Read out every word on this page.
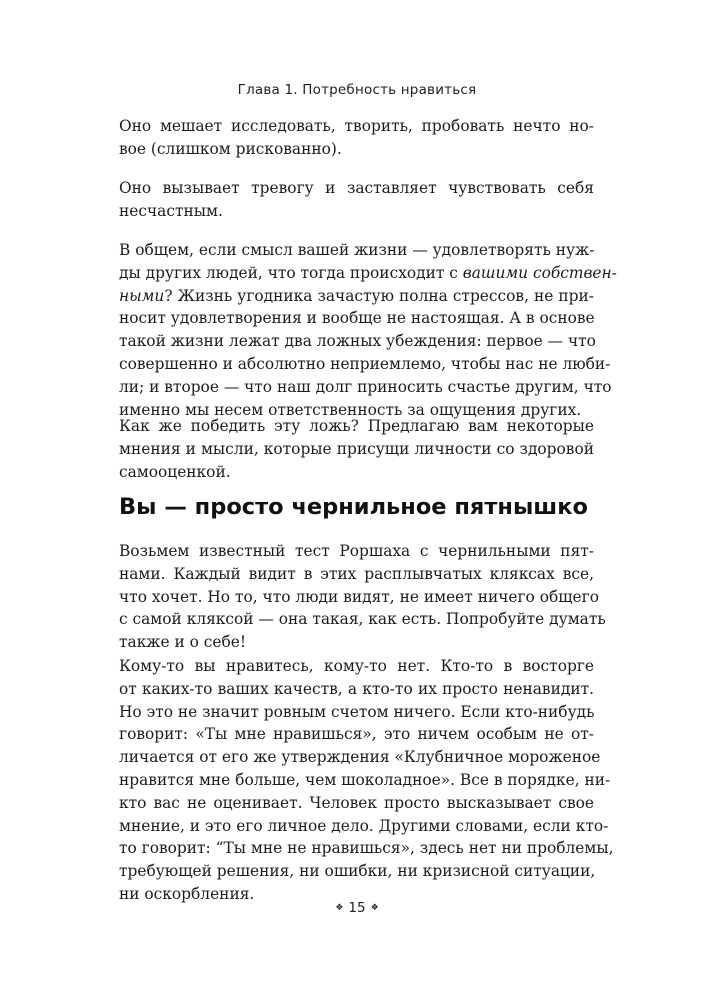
Глава 1. Потребность нравиться
Оно мешает исследовать, творить, пробовать нечто но-
вое (слишком рискованно).
Оно вызывает тревогу и заставляет чувствовать себя
несчастным.
В общем, если смысл вашей жизни — удовлетворять нуж-
ды других людей, что тогда происходит с вашими собствен-
ными? Жизнь угодника зачастую полна стрессов, не при-
носит удовлетворения и вообще не настоящая. А в основе
такой жизни лежат два ложных убеждения: первое — что
совершенно и абсолютно неприемлемо, чтобы нас не люби-
ли; и второе — что наш долг приносить счастье другим, что
именно мы несем ответственность за ощущения других.
Как же победить эту ложь? Предлагаю вам некоторые
мнения и мысли, которые присущи личности со здоровой
самооценкой.
Вы — просто чернильное пятнышко
Возьмем известный тест Роршаха с чернильными пят-
нами. Каждый видит в этих расплывчатых кляксах все,
что хочет. Но то, что люди видят, не имеет ничего общего
с самой кляксой — она такая, как есть. Попробуйте думать
также и о себе!
Кому-то вы нравитесь, кому-то нет. Кто-то в восторге
от каких-то ваших качеств, а кто-то их просто ненавидит.
Но это не значит ровным счетом ничего. Если кто-нибудь
говорит: «Ты мне нравишься», это ничем особым не от-
личается от его же утверждения «Клубничное мороженое
нравится мне больше, чем шоколадное». Все в порядке, ни-
кто вас не оценивает. Человек просто высказывает свое
мнение, и это его личное дело. Другими словами, если кто-
то говорит: “Ты мне не нравишься», здесь нет ни проблемы,
требующей решения, ни ошибки, ни кризисной ситуации,
ни оскорбления.
❖ 15 ❖
